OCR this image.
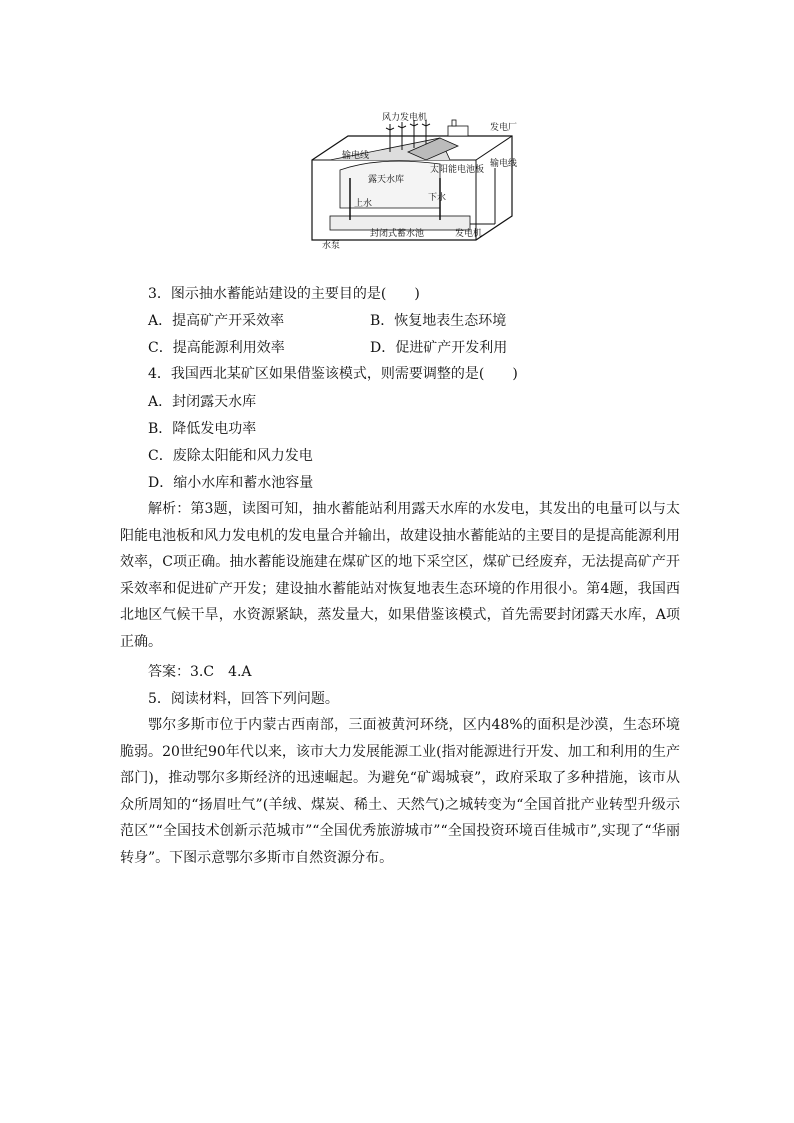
风力发电机
发电厂
输电线
太阳能电池板
输电线
露天水库
上水
下水
水泵
封闭式蓄水池	发电机
3．图示抽水蓄能站建设的主要目的是(　　)
A．提高矿产开采效率	B．恢复地表生态环境
C．提高能源利用效率	D．促进矿产开发利用
4．我国西北某矿区如果借鉴该模式，则需要调整的是(　　)
A．封闭露天水库
B．降低发电功率
C．废除太阳能和风力发电
D．缩小水库和蓄水池容量
解析：第3题，读图可知，抽水蓄能站利用露天水库的水发电，其发出的电量可以与太阳能电池板和风力发电机的发电量合并输出，故建设抽水蓄能站的主要目的是提高能源利用效率，C项正确。抽水蓄能设施建在煤矿区的地下采空区，煤矿已经废弃，无法提高矿产开采效率和促进矿产开发；建设抽水蓄能站对恢复地表生态环境的作用很小。第4题，我国西北地区气候干旱，水资源紧缺，蒸发量大，如果借鉴该模式，首先需要封闭露天水库，A项正确。
答案：3.C　4.A
5．阅读材料，回答下列问题。
鄂尔多斯市位于内蒙古西南部，三面被黄河环绕，区内48%的面积是沙漠，生态环境脆弱。20世纪90年代以来，该市大力发展能源工业(指对能源进行开发、加工和利用的生产部门)，推动鄂尔多斯经济的迅速崛起。为避免“矿竭城衰”，政府采取了多种措施，该市从众所周知的“扬眉吐气”(羊绒、煤炭、稀土、天然气)之城转变为“全国首批产业转型升级示范区”“全国技术创新示范城市”“全国优秀旅游城市”“全国投资环境百佳城市”,实现了“华丽转身”。下图示意鄂尔多斯市自然资源分布。
